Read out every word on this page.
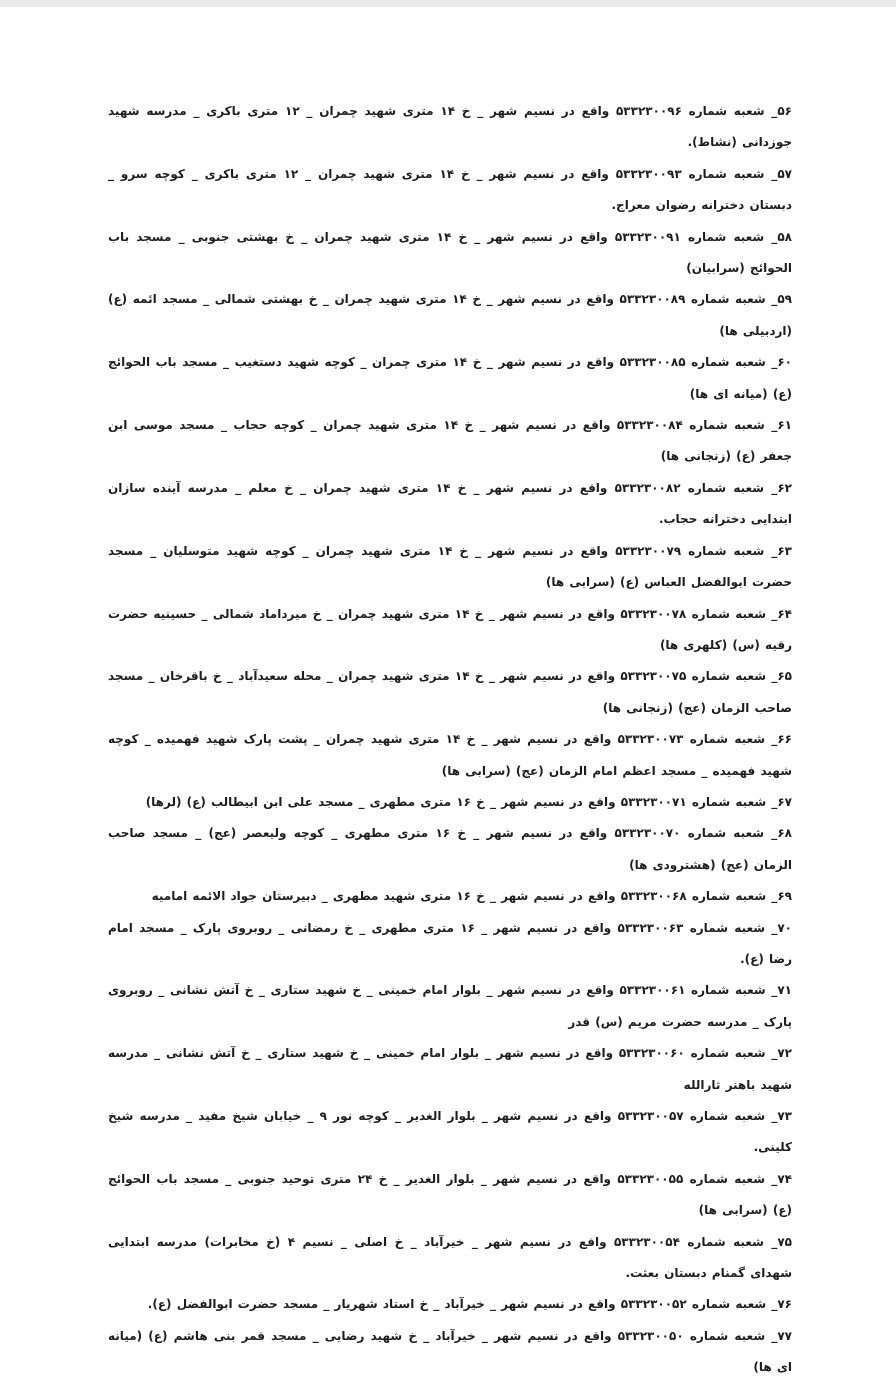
۵۶_ شعبه شماره ۵۳۳۲۳۰۰۹۶ واقع در نسیم شهر _ خ ۱۴ متری شهید چمران _ ۱۲ متری باکری _ مدرسه شهید جوزدانی (نشاط).

۵۷_ شعبه شماره ۵۳۳۲۳۰۰۹۳ واقع در نسیم شهر _ خ ۱۴ متری شهید چمران _ ۱۲ متری باکری _ کوچه سرو _ دبستان دخترانه رضوان معراج.

۵۸_ شعبه شماره ۵۳۳۲۳۰۰۹۱ واقع در نسیم شهر _ خ ۱۴ متری شهید چمران _ خ بهشتی جنوبی _ مسجد باب الحوائج (سرابیان)

۵۹_ شعبه شماره ۵۳۳۲۳۰۰۸۹ واقع در نسیم شهر _ خ ۱۴ متری شهید چمران _ خ بهشتی شمالی _ مسجد ائمه (ع) (اردبیلی ها)

۶۰_ شعبه شماره ۵۳۳۲۳۰۰۸۵ واقع در نسیم شهر _ خ ۱۴ متری چمران _ کوچه شهید دستغیب _ مسجد باب الحوائج (ع) (میانه ای ها)

۶۱_ شعبه شماره ۵۳۳۲۳۰۰۸۴ واقع در نسیم شهر _ خ ۱۴ متری شهید چمران _ کوچه حجاب _ مسجد موسی ابن جعفر (ع) (زنجانی ها)

۶۲_ شعبه شماره ۵۳۳۲۳۰۰۸۲ واقع در نسیم شهر _ خ ۱۴ متری شهید چمران _ خ معلم _ مدرسه آینده سازان ابتدایی دخترانه حجاب.

۶۳_ شعبه شماره ۵۳۳۲۳۰۰۷۹ واقع در نسیم شهر _ خ ۱۴ متری شهید چمران _ کوچه شهید متوسلیان _ مسجد حضرت ابوالفضل العباس (ع) (سرابی ها)

۶۴_ شعبه شماره ۵۳۳۲۳۰۰۷۸ واقع در نسیم شهر _ خ ۱۴ متری شهید چمران _ خ میرداماد شمالی _ حسینیه حضرت رقیه (س) (کلهری ها)

۶۵_ شعبه شماره ۵۳۳۲۳۰۰۷۵ واقع در نسیم شهر _ خ ۱۴ متری شهید چمران _ محله سعیدآباد _ خ باقرخان _ مسجد صاحب الزمان (عج) (زنجانی ها)

۶۶_ شعبه شماره ۵۳۳۲۳۰۰۷۳ واقع در نسیم شهر _ خ ۱۴ متری شهید چمران _ پشت پارک شهید فهمیده _ کوچه شهید فهمیده _ مسجد اعظم امام الزمان (عج) (سرابی ها)

۶۷_ شعبه شماره ۵۳۳۲۳۰۰۷۱ واقع در نسیم شهر _ خ ۱۶ متری مطهری _ مسجد علی ابن ابیطالب (ع) (لرها)

۶۸_ شعبه شماره ۵۳۳۲۳۰۰۷۰ واقع در نسیم شهر _ خ ۱۶ متری مطهری _ کوچه ولیعصر (عج) _ مسجد صاحب الزمان (عج) (هشترودی ها)

۶۹_ شعبه شماره ۵۳۳۲۳۰۰۶۸ واقع در نسیم شهر _ خ ۱۶ متری شهید مطهری _ دبیرستان جواد الائمه امامیه

۷۰_ شعبه شماره ۵۳۳۲۳۰۰۶۳ واقع در نسیم شهر _ ۱۶ متری مطهری _ خ رمضانی _ روبروی پارک _ مسجد امام رضا (ع).

۷۱_ شعبه شماره ۵۳۳۲۳۰۰۶۱ واقع در نسیم شهر _ بلوار امام خمینی _ خ شهید ستاری _ خ آتش نشانی _ روبروی پارک _ مدرسه حضرت مریم (س) قدر

۷۲_ شعبه شماره ۵۳۳۲۳۰۰۶۰ واقع در نسیم شهر _ بلوار امام خمینی _ خ شهید ستاری _ خ آتش نشانی _ مدرسه شهید باهنر ثارالله

۷۳_ شعبه شماره ۵۳۳۲۳۰۰۵۷ واقع در نسیم شهر _ بلوار الغدیر _ کوچه نور ۹ _ خیابان شیخ مفید _ مدرسه شیخ کلینی.

۷۴_ شعبه شماره ۵۳۳۲۳۰۰۵۵ واقع در نسیم شهر _ بلوار الغدیر _ خ ۲۴ متری توحید جنوبی _ مسجد باب الحوائج (ع) (سرابی ها)

۷۵_ شعبه شماره ۵۳۳۲۳۰۰۵۴ واقع در نسیم شهر _ خیرآباد _ خ اصلی _ نسیم ۴ (خ مخابرات) مدرسه ابتدایی شهدای گمنام دبستان بعثت.

۷۶_ شعبه شماره ۵۳۳۲۳۰۰۵۲ واقع در نسیم شهر _ خیرآباد _ خ استاد شهریار _ مسجد حضرت ابوالفضل (ع).

۷۷_ شعبه شماره ۵۳۳۲۳۰۰۵۰ واقع در نسیم شهر _ خیرآباد _ خ شهید رضایی _ مسجد قمر بنی هاشم (ع) (میانه ای ها)
